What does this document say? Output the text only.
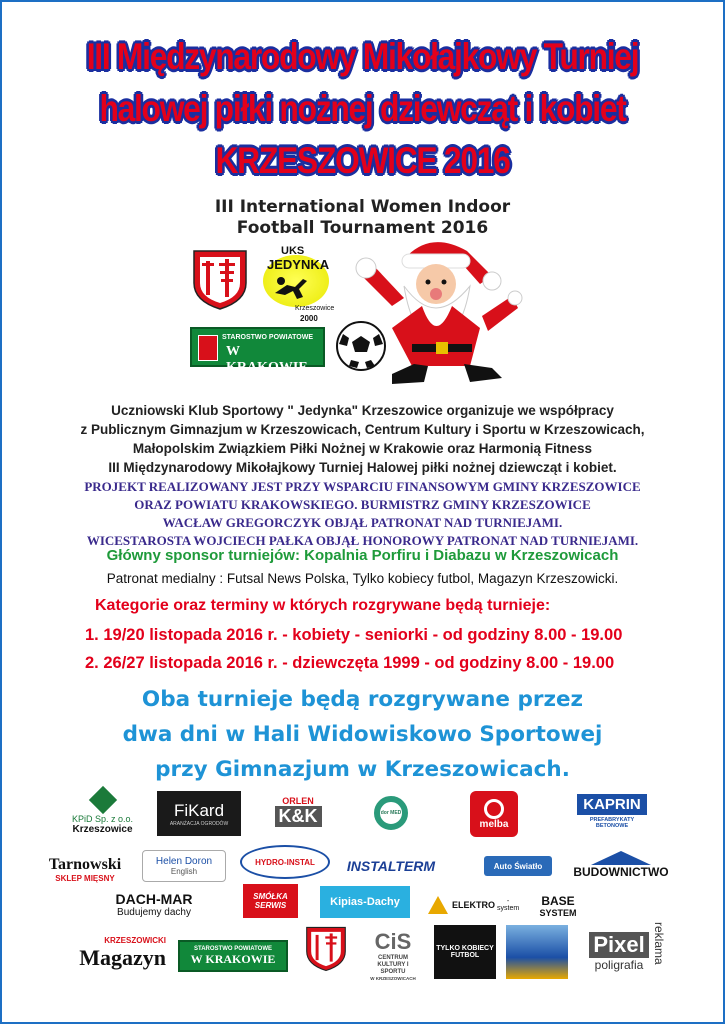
III Międzynarodowy Mikołajkowy Turniej
halowej piłki nożnej dziewcząt i kobiet
KRZESZOWICE 2016
III International Women Indoor
Football Tournament 2016
UKS
JEDYNKA
Krzeszowice
2000
STAROSTWO POWIATOWE
W KRAKOWIE
Uczniowski Klub Sportowy " Jedynka" Krzeszowice organizuje we współpracy
z Publicznym Gimnazjum w Krzeszowicach, Centrum Kultury i Sportu w Krzeszowicach,
Małopolskim Związkiem Piłki Nożnej w Krakowie oraz Harmonią Fitness
III Międzynarodowy Mikołajkowy Turniej Halowej piłki nożnej dziewcząt i kobiet.
PROJEKT REALIZOWANY JEST PRZY WSPARCIU FINANSOWYM GMINY KRZESZOWICE
ORAZ POWIATU KRAKOWSKIEGO. BURMISTRZ GMINY KRZESZOWICE
WACŁAW GREGORCZYK OBJĄŁ PATRONAT NAD TURNIEJAMI.
WICESTAROSTA WOJCIECH PAŁKA OBJĄŁ HONOROWY PATRONAT NAD TURNIEJAMI.
Główny sponsor turniejów: Kopalnia Porfiru i Diabazu w Krzeszowicach
Patronat medialny : Futsal News Polska, Tylko kobiecy futbol, Magazyn Krzeszowicki.
Kategorie oraz terminy w których rozgrywane będą turnieje:
1. 19/20 listopada 2016 r. - kobiety - seniorki - od godziny 8.00 - 19.00
2. 26/27 listopada 2016 r. - dziewczęta 1999 - od godziny 8.00 - 19.00
Oba turnieje będą rozgrywane przez
dwa dni w Hali Widowiskowo Sportowej
przy Gimnazjum w Krzeszowicach.
KPiD Sp. z o.o.
Krzeszowice
FiKard
ARANŻACJA OGRODÓW
ORLEN
K&K	dor MED
melba
KAPRIN
PREFABRYKATY BETONOWE
Tarnowski
SKLEP MIĘSNY
Helen Doron
English
HYDRO-INSTAL INSTALTERM	Auto Światło	BUDOWNICTWO
DACH-MAR
Budujemy dachy
SMÓŁKA SERWIS	Kipias-Dachy	ELEKTRO	- system
BASE
SYSTEM
KRZESZOWICKI
Magazyn	STAROSTWO POWIATOWE
W KRAKOWIE
CiS
CENTRUM KULTURY I SPORTU
W KRZESZOWICACH
TYLKO KOBIECY FUTBOL	Pixel
poligrafia
reklama
